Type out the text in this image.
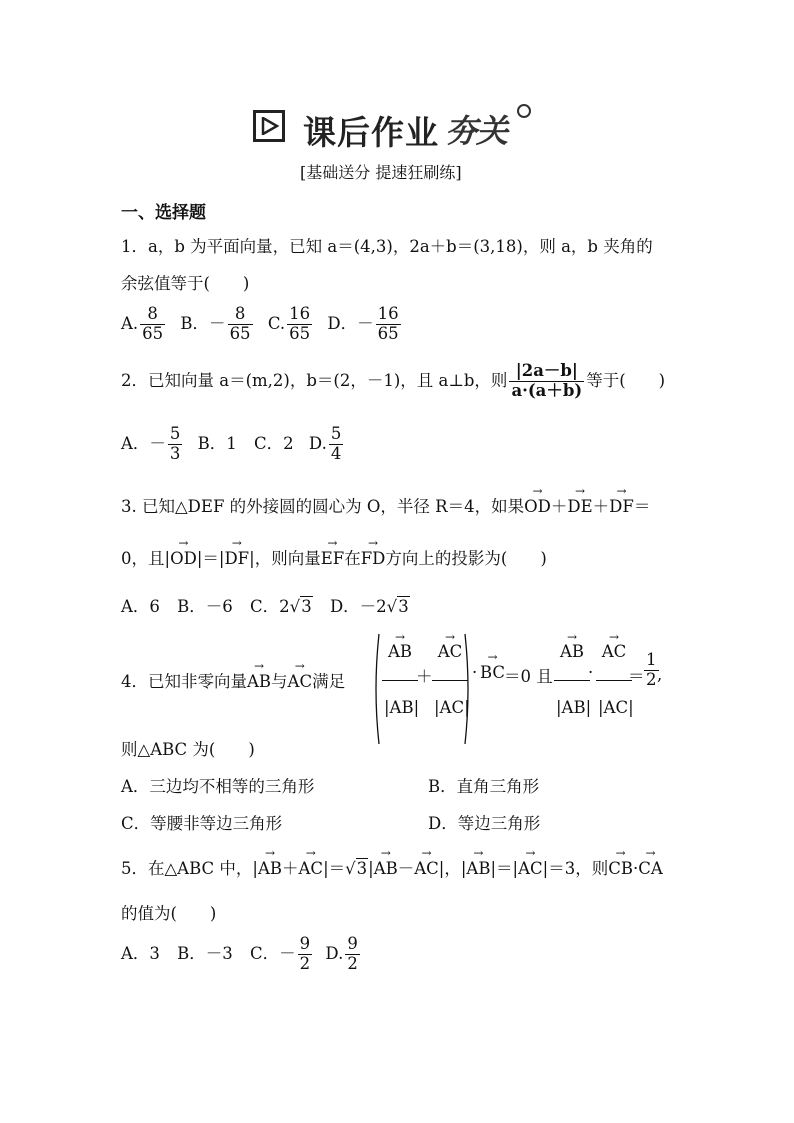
课后作业 夯关
[基础送分 提速狂刷练]
一、选择题
1．a，b 为平面向量，已知 a＝(4,3)，2a＋b＝(3,18)，则 a，b 夹角的
余弦值等于(　　)
A. $\frac{8}{65}$ B．－ $\frac{8}{65} C$. $\frac{16}{65}$ D．－ $\frac{16}{65}$
2．已知向量 a＝(m,2)，b＝(2，－1)，且 a⊥b，则 $\frac{|2a-b|}{a\cdot(a+b)}$ 等于(　　)
A．－ $\frac{5}{3}$ B．1 C．2 D. $\frac{5}{4}$
3. 已知△DEF 的外接圆的圆心为 O，半径 R＝4，如果→ OD＋→ DE＋→ DF＝
0，且|→ OD|＝|→ DF|，则向量→ EF在→ FD方向上的投影为(　　)
A．6 B．－6 C．2√3 D．－2√3
4．已知非零向量→ AB与→ AC满足 → $\frac{AB}{|AB|}$
＋ → $\frac{AC}{|AC|}$ · → BC
＝0 且 → $\frac{AB}{|AB|}$
· → $\frac{AC}{|AC|}$
＝ $\frac{1}{2}$
,
则△ABC 为(　　)
A．三边均不相等的三角形	B．直角三角形
C．等腰非等边三角形	D．等边三角形
5．在△ABC 中，|→ AB＋→ AC|＝√3|→ AB－→ AC|，|→ AB|＝|→ AC|＝3，则→ CB·→ CA
的值为(　　)
A．3 B．－3 C．－ $\frac{9}{2} D$. $\frac{9}{2}$
